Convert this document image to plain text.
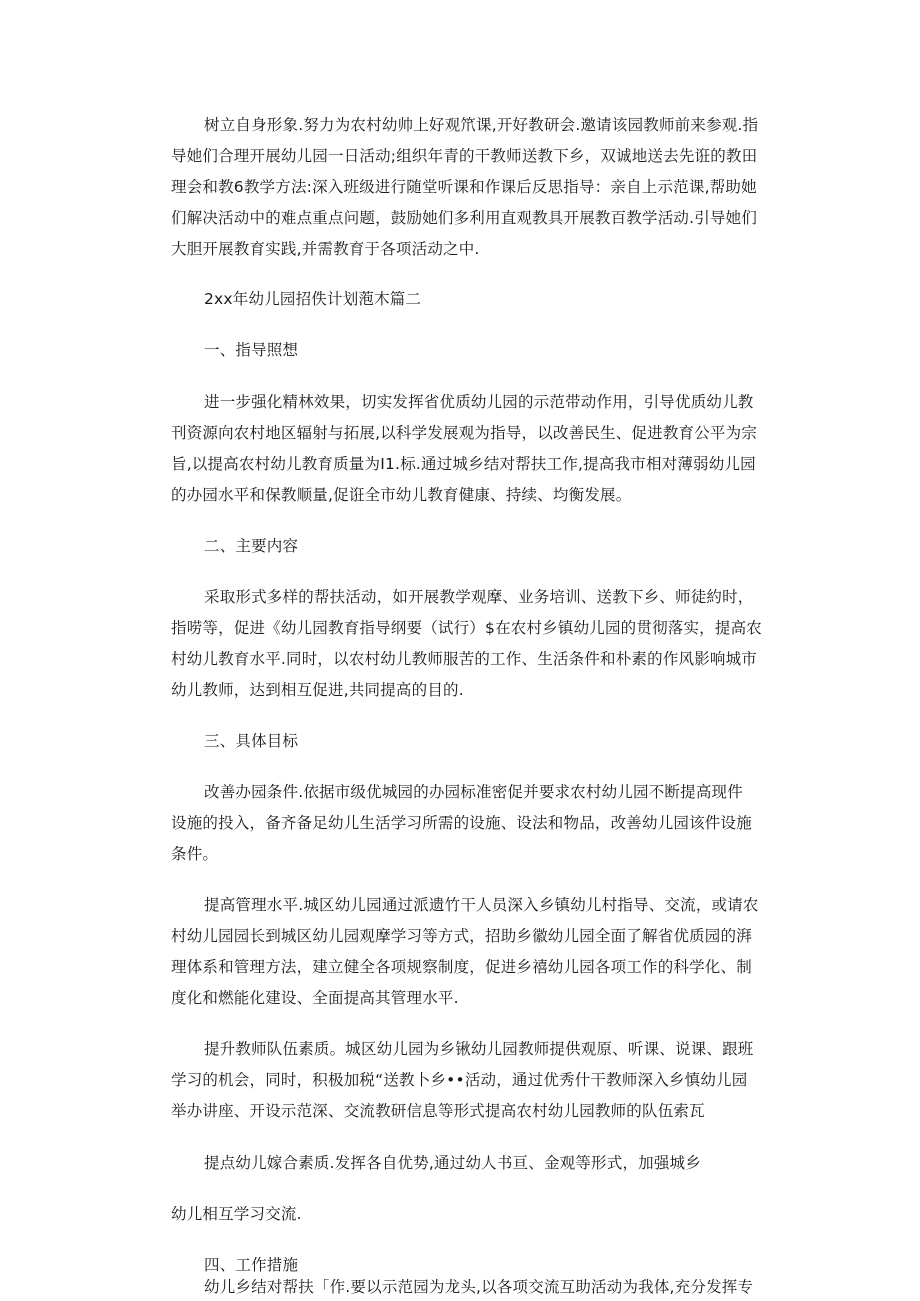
树立自身形象.努力为农村幼帅上好观笊课,开好教研会.邀请该园教师前来参观.指
导她们合理开展幼儿园一日活动;组织年青的干教师送教下乡，双诚地送去先诳的教田
理会和教6教学方法:深入班级进行随堂听课和作课后反思指导：亲自上示范课,帮助她
们解决活动中的难点重点问题，鼓励她们多利用直观教具开展教百教学活动.引导她们
大胆开展教育实践,并需教育于各项活动之中.
2xx年幼儿园招佚计划萢木篇二
一、指导照想
进一步强化精林效果，切实发挥省优质幼儿园的示范带动作用，引导优质幼儿教
刊资源向农村地区辐射与拓展,以科学发展观为指导，以改善民生、促进教育公平为宗
旨,以提高农村幼儿教育质量为I1.标.通过城乡结对帮扶工作,提高我市相对薄弱幼儿园
的办园水平和保教顺量,促诳全市幼儿教育健康、持续、均衡发展。
二、主要内容
采取形式多样的帮扶活动，如开展教学观摩、业务培训、送教下乡、师徒約时，
指唠等，促进《幼儿园教育指导纲要（试行）$在农村乡镇幼儿园的贯彻落实，提高农
村幼儿教育水平.同时，以农村幼儿教师服苦的工作、生活条件和朴素的作风影响城市
幼儿教师，达到相互促进,共同提高的目的.
三、具体目标
改善办园条件.依据市级优城园的办园标准密促并要求农村幼儿园不断提高现件
设施的投入，备齐备足幼儿生活学习所需的设施、设法和物品，改善幼儿园该件设施
条件。
提高管理水平.城区幼儿园通过派遗竹干人员深入乡镇幼儿村指导、交流，或请农
村幼儿园园长到城区幼儿园观摩学习等方式，招助乡徽幼儿园全面了解省优质园的湃
理体系和管理方法，建立健全各项规察制度，促进乡禧幼儿园各项工作的科学化、制
度化和燃能化建设、全面提高其管理水平.
提升教师队伍素质。城区幼儿园为乡锹幼儿园教师提供观原、听课、说课、跟班
学习的机会，同时，积极加税“送教卜乡••活动，通过优秀什干教师深入乡慎幼儿园
举办讲座、开设示范深、交流教研信息等形式提高农村幼儿园教师的队伍索瓦
提点幼儿嫁合素质.发挥各自优势,通过幼人书亘、金观等形式，加强城乡
幼儿相互学习交流.
四、工作措施
幼儿乡结对帮扶「作.要以示范园为龙头,以各项交流互助活动为我体,充分发挥专
